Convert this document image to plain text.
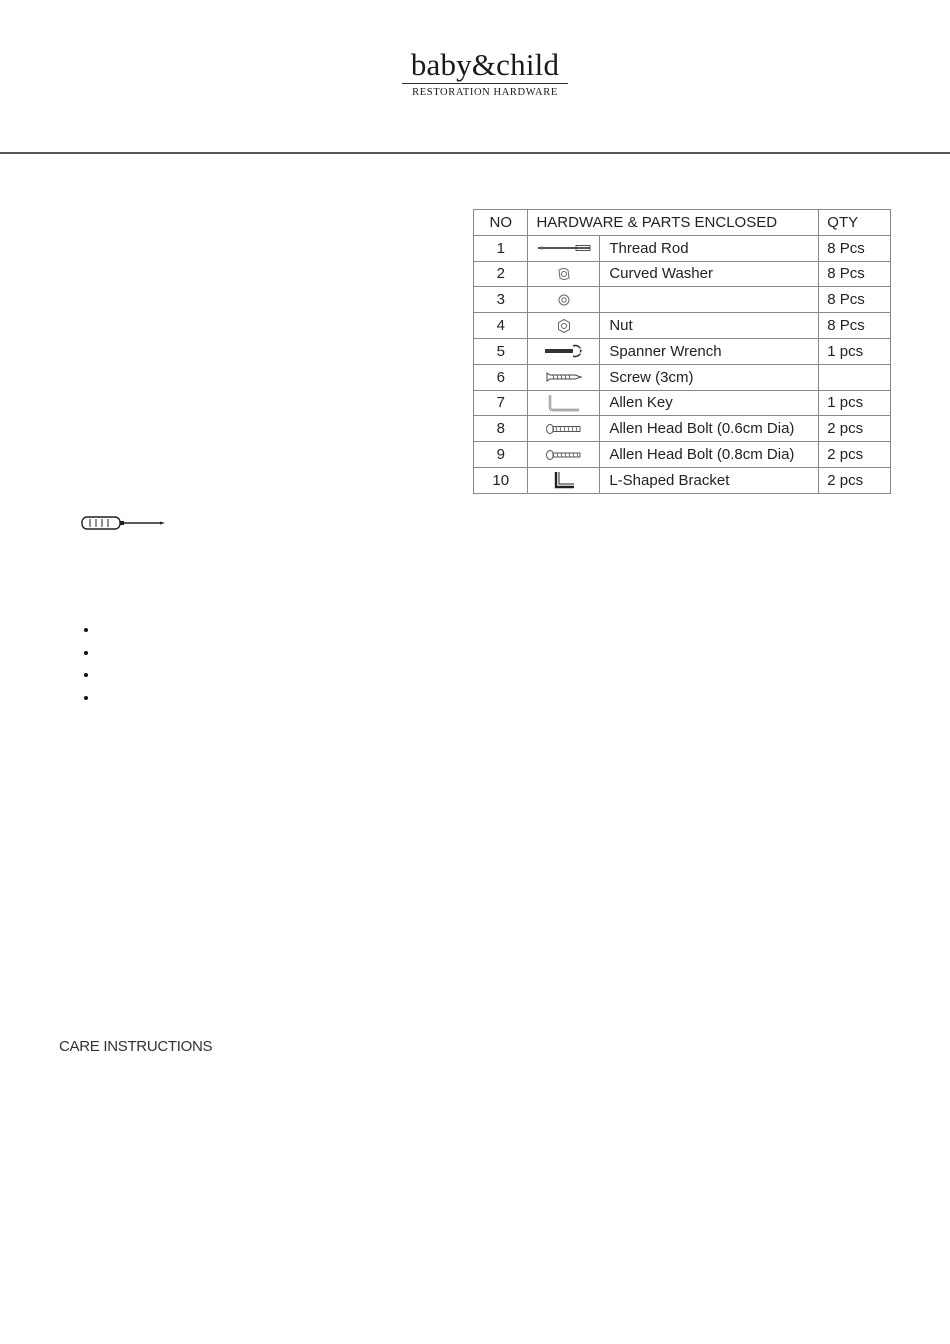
baby&child
RESTORATION HARDWARE
NO	HARDWARE & PARTS ENCLOSED		QTY
1		Thread Rod	8 Pcs
2		Curved Washer	8 Pcs
3			8 Pcs
4		Nut	8 Pcs
5		Spanner Wrench	1 pcs
6		Screw (3cm)	
7		Allen Key	1 pcs
8		Allen Head Bolt (0.6cm Dia)	2 pcs
9		Allen Head Bolt (0.8cm Dia)	2 pcs
10		L-Shaped Bracket	2 pcs
CARE INSTRUCTIONS
